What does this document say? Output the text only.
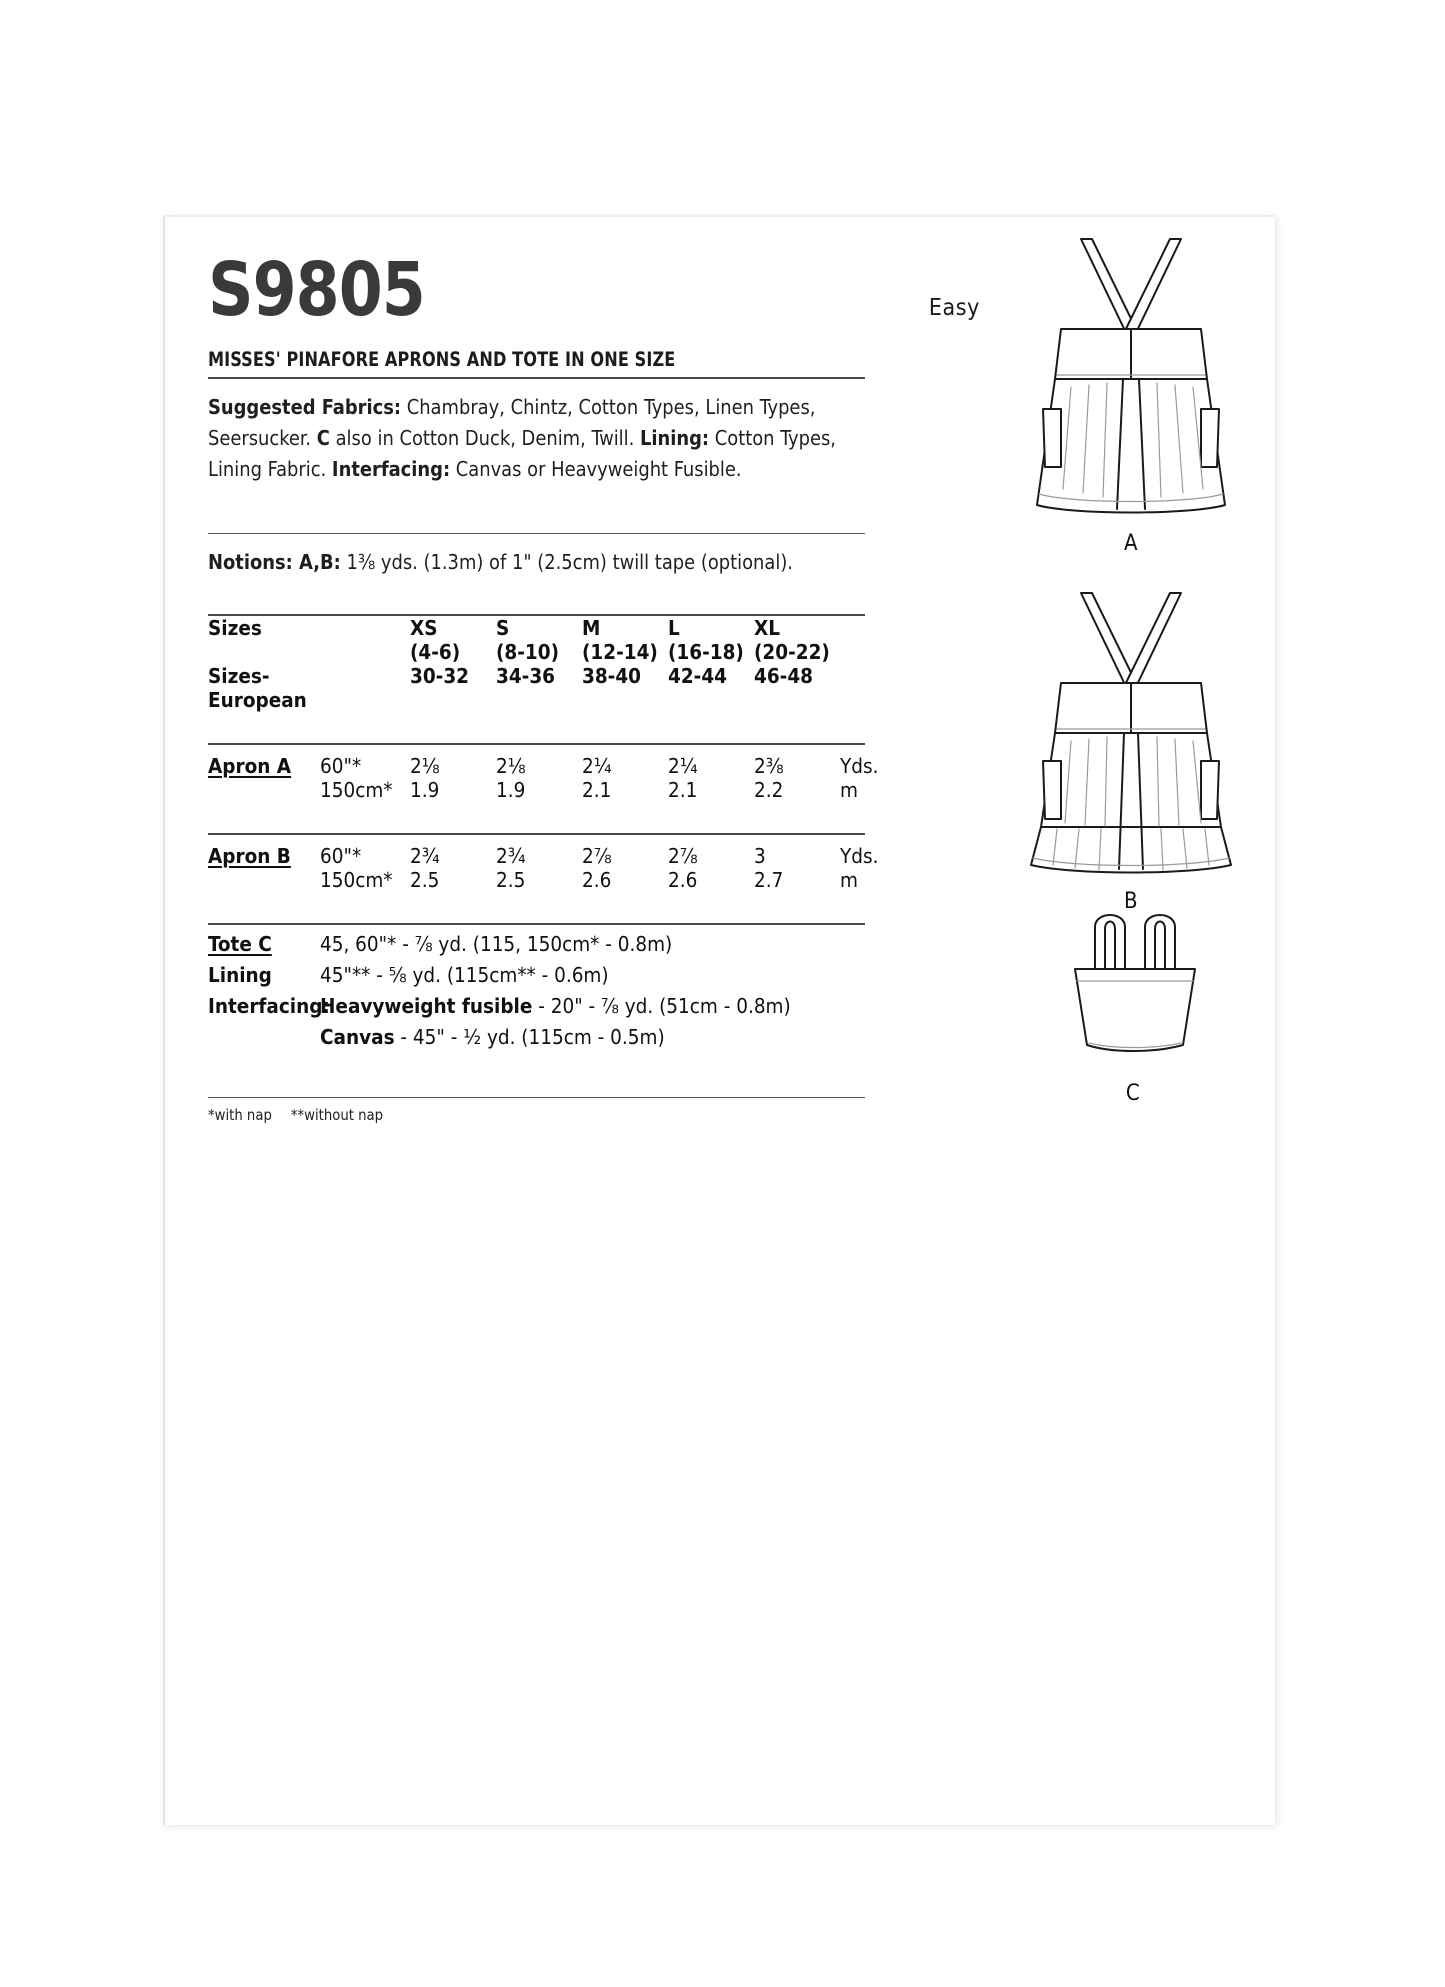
S9805
MISSES' PINAFORE APRONS AND TOTE IN ONE SIZE
Suggested Fabrics: Chambray, Chintz, Cotton Types, Linen Types, Seersucker. C also in Cotton Duck, Denim, Twill. Lining: Cotton Types, Lining Fabric. Interfacing: Canvas or Heavyweight Fusible.
Notions: A,B: 1⅜ yds. (1.3m) of 1" (2.5cm) twill tape (optional).
Sizes		XS	S	M	L	XL	
		(4-6)	(8-10)	(12-14)	(16-18)	(20-22)	
Sizes-European		30-32	34-36	38-40	42-44	46-48	
Apron A	60"*	2⅛	2⅛	2¼	2¼	2⅜	Yds.
	150cm*	1.9	1.9	2.1	2.1	2.2	m
Apron B	60"*	2¾	2¾	2⅞	2⅞	3	Yds.
	150cm*	2.5	2.5	2.6	2.6	2.7	m
Tote C	45, 60"* - ⅞ yd. (115, 150cm* - 0.8m)
Lining	45"** - ⅝ yd. (115cm** - 0.6m)
Interfacing:
Heavyweight fusible - 20" - ⅞ yd. (51cm - 0.8m)
Canvas - 45" - ½ yd. (115cm - 0.5m)
*with nap **without nap
Easy
A
B
C
